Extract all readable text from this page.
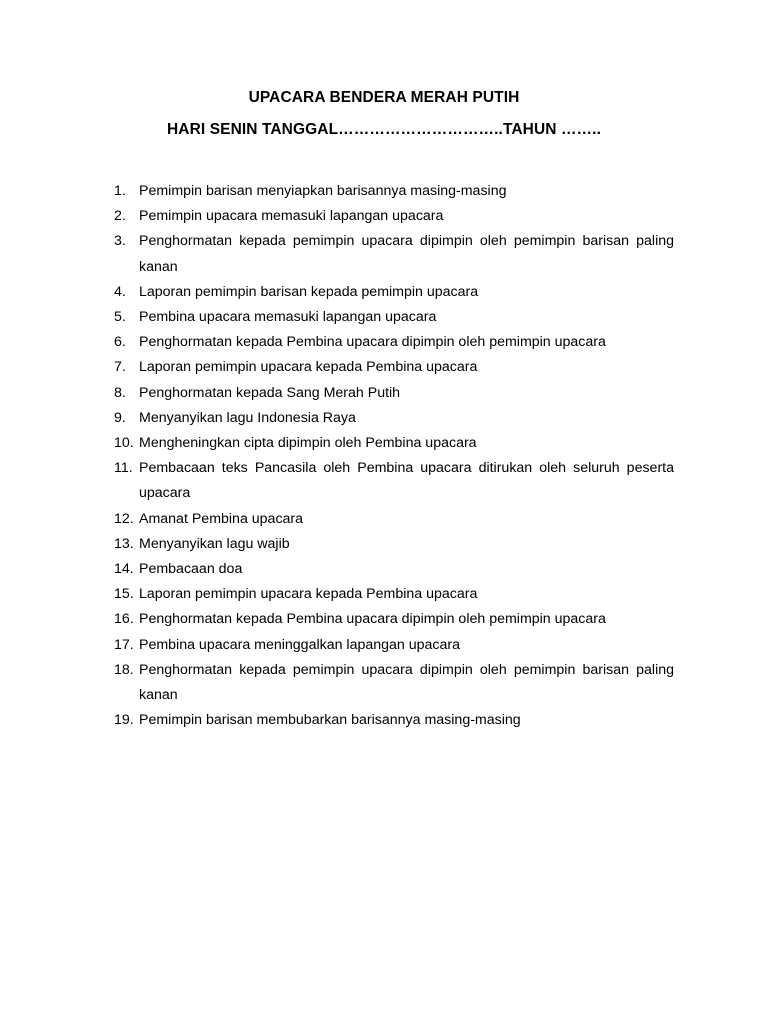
UPACARA BENDERA MERAH PUTIH
HARI SENIN TANGGAL…………………………..TAHUN ……..
1. Pemimpin barisan menyiapkan barisannya masing-masing
2. Pemimpin upacara memasuki lapangan upacara
3. Penghormatan kepada pemimpin upacara dipimpin oleh pemimpin barisan paling kanan
4. Laporan pemimpin barisan kepada pemimpin upacara
5. Pembina upacara memasuki lapangan upacara
6. Penghormatan kepada Pembina upacara dipimpin oleh pemimpin upacara
7. Laporan pemimpin upacara kepada Pembina upacara
8. Penghormatan kepada Sang Merah Putih
9. Menyanyikan lagu Indonesia Raya
10. Mengheningkan cipta dipimpin oleh Pembina upacara
11. Pembacaan teks Pancasila oleh Pembina upacara ditirukan oleh seluruh peserta upacara
12. Amanat Pembina upacara
13. Menyanyikan lagu wajib
14. Pembacaan doa
15. Laporan pemimpin upacara kepada Pembina upacara
16. Penghormatan kepada Pembina upacara dipimpin oleh pemimpin upacara
17. Pembina upacara meninggalkan lapangan upacara
18. Penghormatan kepada pemimpin upacara dipimpin oleh pemimpin barisan paling kanan
19. Pemimpin barisan membubarkan barisannya masing-masing
